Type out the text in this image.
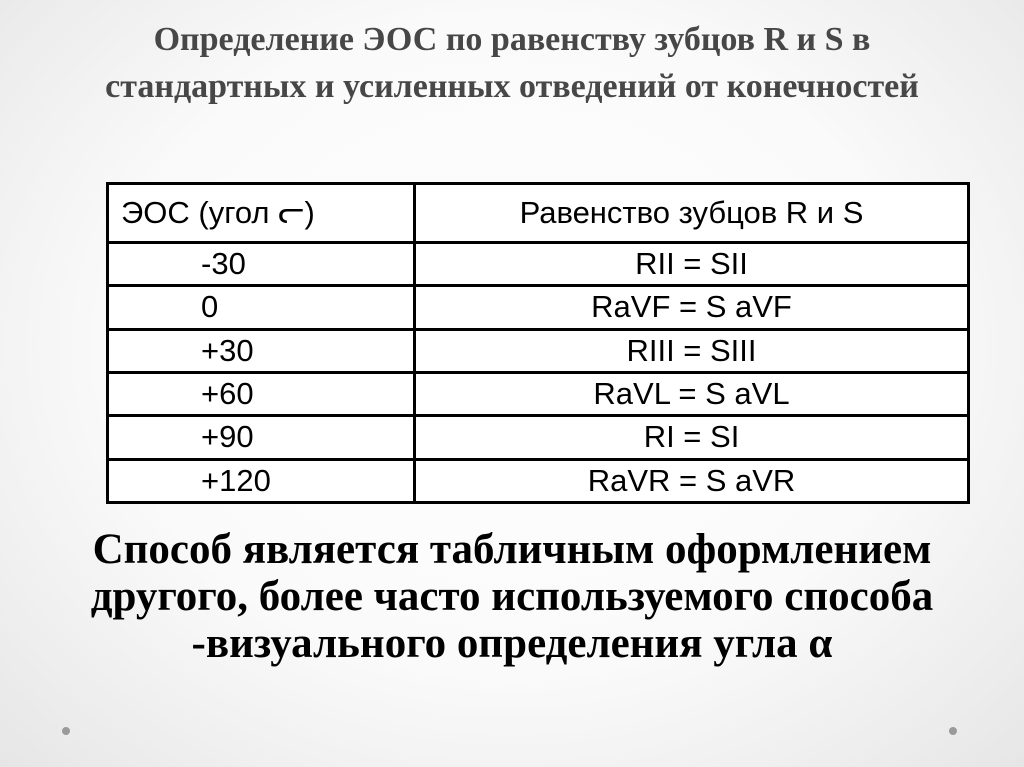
Определение ЭОС по равенству зубцов R и S в стандартных и усиленных отведений от конечностей
ЭОС (угол ᓕ)	Равенство зубцов R и S
-30	RII = SII
0	RaVF = S aVF
+30	RIII = SIII
+60	RaVL = S aVL
+90	RI = SI
+120	RaVR = S aVR

Способ является табличным оформлением другого, более часто используемого способа -визуального определения угла α
